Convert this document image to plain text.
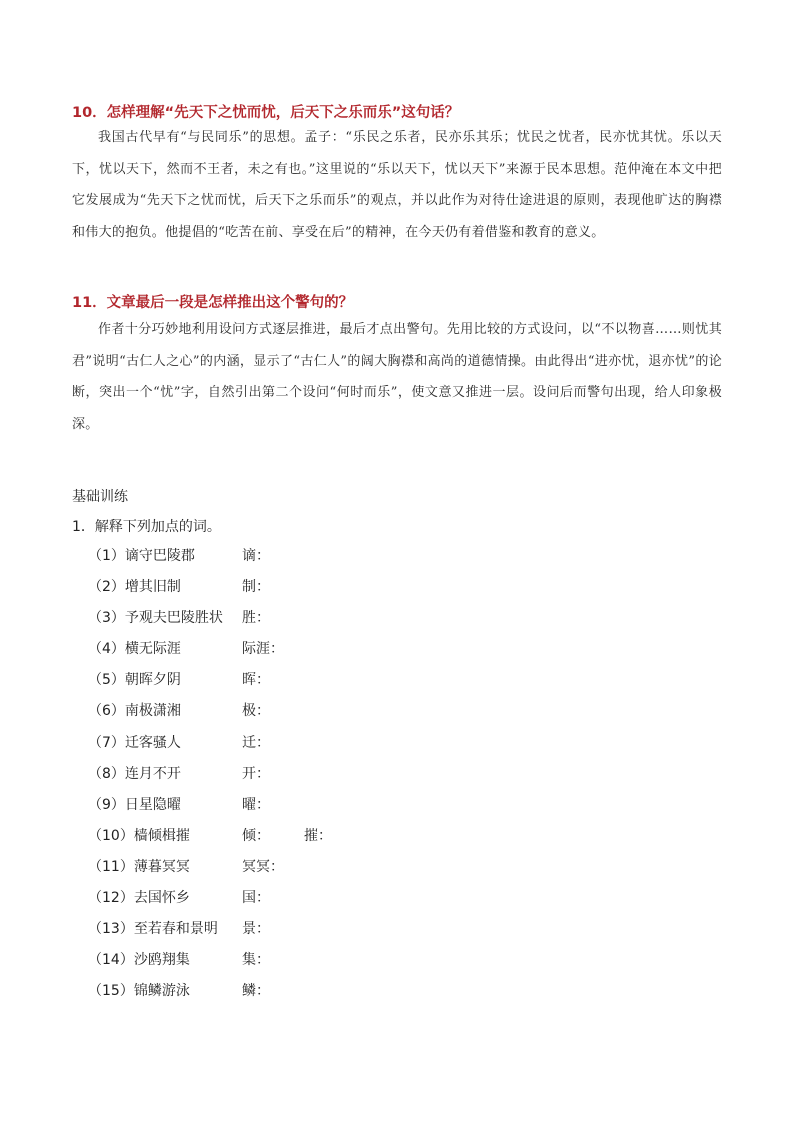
10．怎样理解“先天下之忧而忧，后天下之乐而乐”这句话？
我国古代早有“与民同乐”的思想。孟子：“乐民之乐者，民亦乐其乐；忧民之忧者，民亦忧其忧。乐以天下，忧以天下，然而不王者，未之有也。”这里说的“乐以天下，忧以天下”来源于民本思想。范仲淹在本文中把它发展成为“先天下之忧而忧，后天下之乐而乐”的观点，并以此作为对待仕途进退的原则，表现他旷达的胸襟和伟大的抱负。他提倡的“吃苦在前、享受在后”的精神，在今天仍有着借鉴和教育的意义。
11．文章最后一段是怎样推出这个警句的？
作者十分巧妙地利用设问方式逐层推进，最后才点出警句。先用比较的方式设问，以“不以物喜……则忧其君”说明“古仁人之心”的内涵，显示了“古仁人”的阔大胸襟和高尚的道德情操。由此得出“进亦忧，退亦忧”的论断，突出一个“忧”字，自然引出第二个设问“何时而乐”，使文意又推进一层。设问后而警句出现，给人印象极深。
基础训练
1．解释下列加点的词。
（1）谪守巴陵郡	谪：
（2）增其旧制	制：
（3）予观夫巴陵胜状 胜：
（4）横无际涯	际涯：
（5）朝晖夕阴	晖：
（6）南极潇湘	极：
（7）迁客骚人	迁：
（8）连月不开	开：
（9）日星隐曜	曜：
（10）樯倾楫摧	倾： 摧：
（11）薄暮冥冥	冥冥：
（12）去国怀乡	国：
（13）至若春和景明 景：
（14）沙鸥翔集	集：
（15）锦鳞游泳	鳞：
